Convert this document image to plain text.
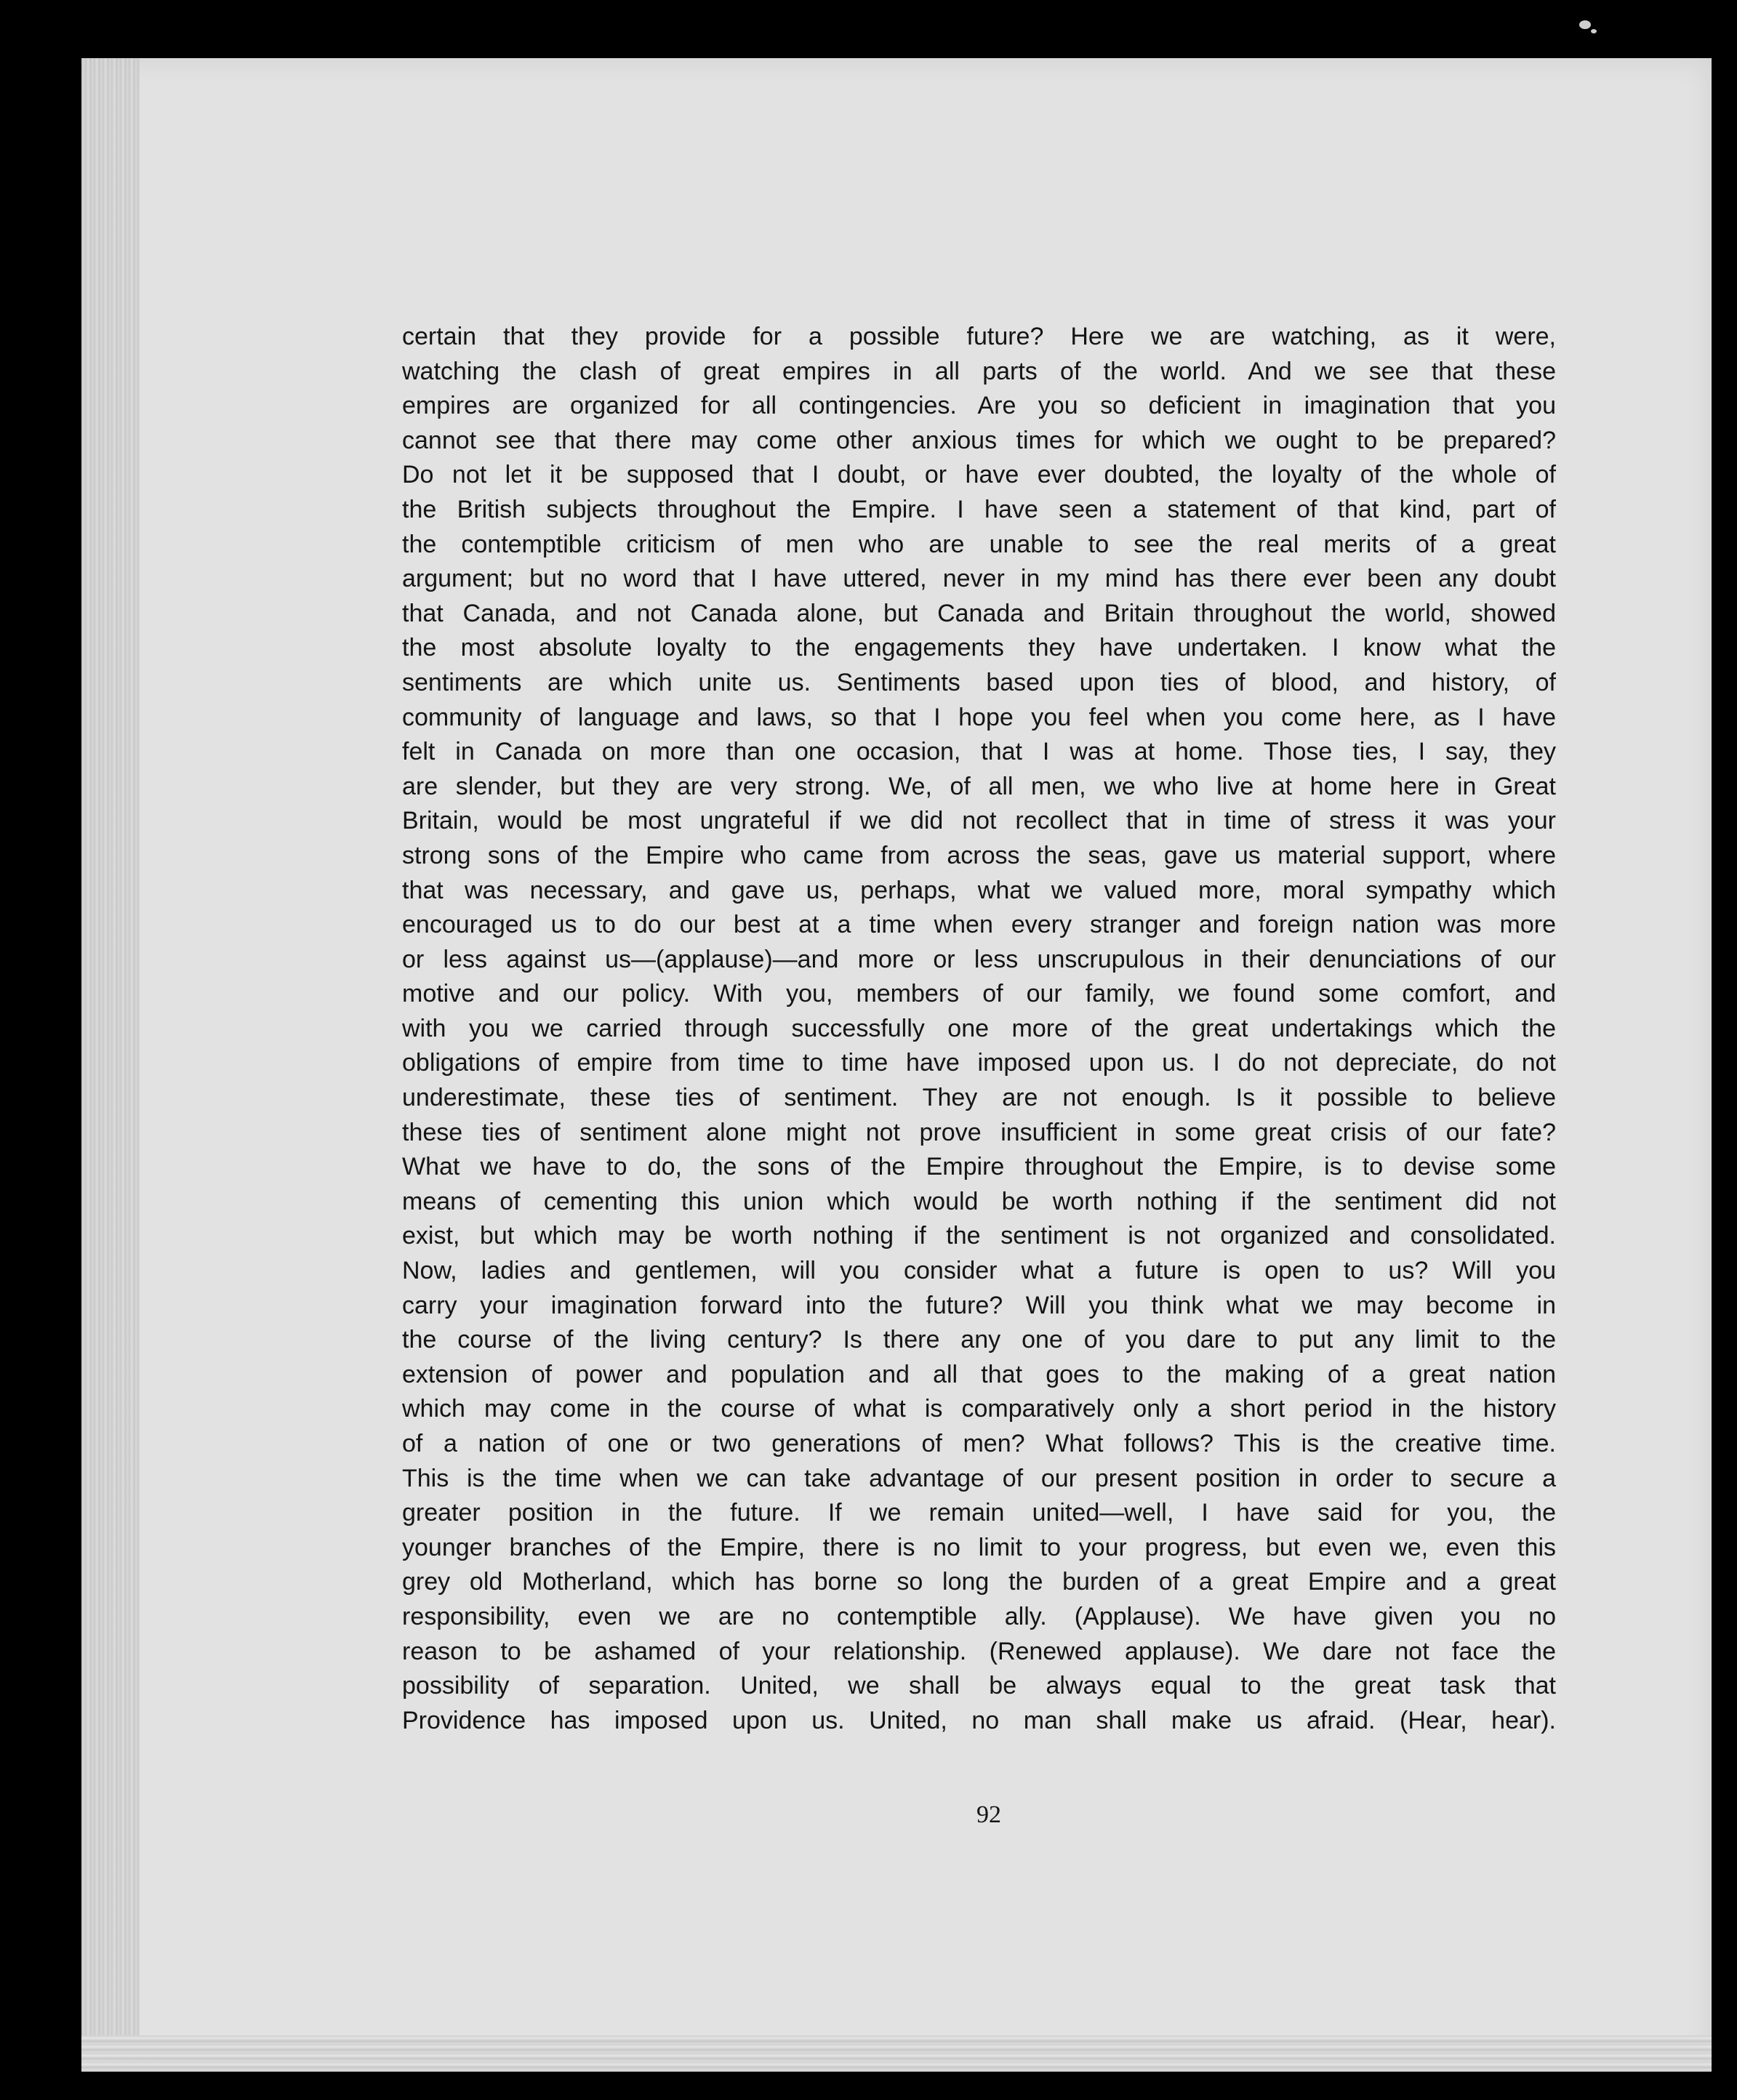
certain that they provide for a possible future? Here we are watching, as it were,
watching the clash of great empires in all parts of the world. And we see that these
empires are organized for all contingencies. Are you so deficient in imagination that you
cannot see that there may come other anxious times for which we ought to be prepared?
Do not let it be supposed that I doubt, or have ever doubted, the loyalty of the whole of
the British subjects throughout the Empire. I have seen a statement of that kind, part of
the contemptible criticism of men who are unable to see the real merits of a great
argument; but no word that I have uttered, never in my mind has there ever been any doubt
that Canada, and not Canada alone, but Canada and Britain throughout the world, showed
the most absolute loyalty to the engagements they have undertaken. I know what the
sentiments are which unite us. Sentiments based upon ties of blood, and history, of
community of language and laws, so that I hope you feel when you come here, as I have
felt in Canada on more than one occasion, that I was at home. Those ties, I say, they
are slender, but they are very strong. We, of all men, we who live at home here in Great
Britain, would be most ungrateful if we did not recollect that in time of stress it was your
strong sons of the Empire who came from across the seas, gave us material support, where
that was necessary, and gave us, perhaps, what we valued more, moral sympathy which
encouraged us to do our best at a time when every stranger and foreign nation was more
or less against us—(applause)—and more or less unscrupulous in their denunciations of our
motive and our policy. With you, members of our family, we found some comfort, and
with you we carried through successfully one more of the great undertakings which the
obligations of empire from time to time have imposed upon us. I do not depreciate, do not
underestimate, these ties of sentiment. They are not enough. Is it possible to believe
these ties of sentiment alone might not prove insufficient in some great crisis of our fate?
What we have to do, the sons of the Empire throughout the Empire, is to devise some
means of cementing this union which would be worth nothing if the sentiment did not
exist, but which may be worth nothing if the sentiment is not organized and consolidated.
Now, ladies and gentlemen, will you consider what a future is open to us? Will you
carry your imagination forward into the future? Will you think what we may become in
the course of the living century? Is there any one of you dare to put any limit to the
extension of power and population and all that goes to the making of a great nation
which may come in the course of what is comparatively only a short period in the history
of a nation of one or two generations of men? What follows? This is the creative time.
This is the time when we can take advantage of our present position in order to secure a
greater position in the future. If we remain united—well, I have said for you, the
younger branches of the Empire, there is no limit to your progress, but even we, even this
grey old Motherland, which has borne so long the burden of a great Empire and a great
responsibility, even we are no contemptible ally. (Applause). We have given you no
reason to be ashamed of your relationship. (Renewed applause). We dare not face the
possibility of separation. United, we shall be always equal to the great task that
Providence has imposed upon us. United, no man shall make us afraid. (Hear, hear).
92
